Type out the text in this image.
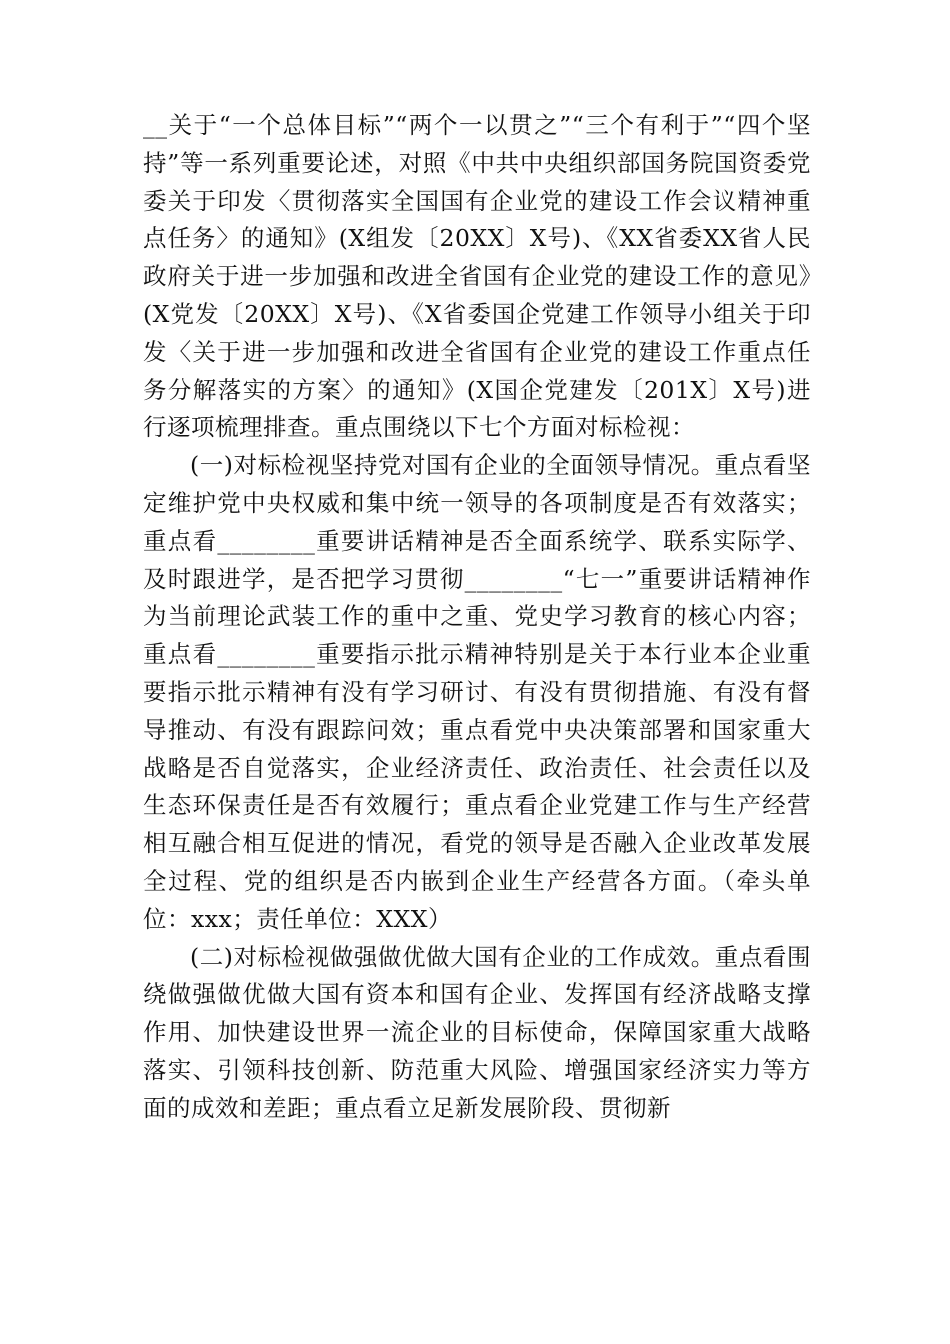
__关于“一个总体目标”“两个一以贯之”“三个有利于”“四个坚持”等一系列重要论述，对照《中共中央组织部国务院国资委党委关于印发〈贯彻落实全国国有企业党的建设工作会议精神重点任务〉的通知》(X组发〔20XX〕X号)、《XX省委XX省人民政府关于进一步加强和改进全省国有企业党的建设工作的意见》(X党发〔20XX〕X号)、《X省委国企党建工作领导小组关于印发〈关于进一步加强和改进全省国有企业党的建设工作重点任务分解落实的方案〉的通知》(X国企党建发〔201X〕X号)进行逐项梳理排查。重点围绕以下七个方面对标检视：

(一)对标检视坚持党对国有企业的全面领导情况。重点看坚定维护党中央权威和集中统一领导的各项制度是否有效落实；重点看________重要讲话精神是否全面系统学、联系实际学、及时跟进学，是否把学习贯彻________“七一”重要讲话精神作为当前理论武装工作的重中之重、党史学习教育的核心内容；重点看________重要指示批示精神特别是关于本行业本企业重要指示批示精神有没有学习研讨、有没有贯彻措施、有没有督导推动、有没有跟踪问效；重点看党中央决策部署和国家重大战略是否自觉落实，企业经济责任、政治责任、社会责任以及生态环保责任是否有效履行；重点看企业党建工作与生产经营相互融合相互促进的情况，看党的领导是否融入企业改革发展全过程、党的组织是否内嵌到企业生产经营各方面。（牵头单位：xxx；责任单位：XXX）

(二)对标检视做强做优做大国有企业的工作成效。重点看围绕做强做优做大国有资本和国有企业、发挥国有经济战略支撑作用、加快建设世界一流企业的目标使命，保障国家重大战略落实、引领科技创新、防范重大风险、增强国家经济实力等方面的成效和差距；重点看立足新发展阶段、贯彻新
